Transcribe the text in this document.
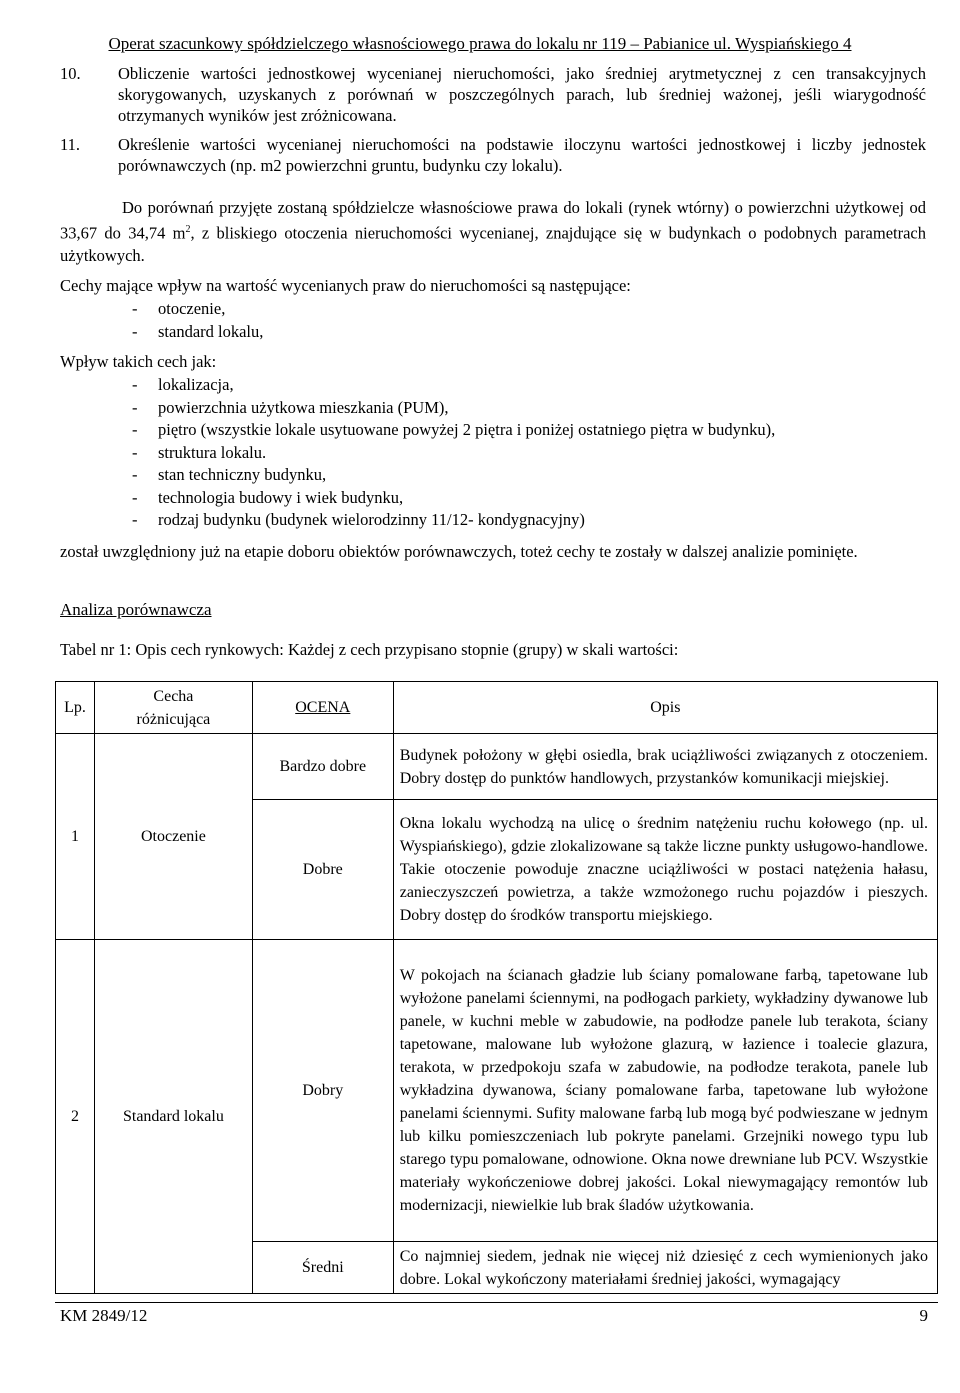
Operat szacunkowy spółdzielczego własnościowego prawa do lokalu nr 119 – Pabianice ul. Wyspiańskiego 4
10. Obliczenie wartości jednostkowej wycenianej nieruchomości, jako średniej arytmetycznej z cen transakcyjnych skorygowanych, uzyskanych z porównań w poszczególnych parach, lub średniej ważonej, jeśli wiarygodność otrzymanych wyników jest zróżnicowana.
11. Określenie wartości wycenianej nieruchomości na podstawie iloczynu wartości jednostkowej i liczby jednostek porównawczych (np. m2 powierzchni gruntu, budynku czy lokalu).
Do porównań przyjęte zostaną spółdzielcze własnościowe prawa do lokali (rynek wtórny) o powierzchni użytkowej od 33,67 do 34,74 $m^2$, z bliskiego otoczenia nieruchomości wycenianej, znajdujące się w budynkach o podobnych parametrach użytkowych.
Cechy mające wpływ na wartość wycenianych praw do nieruchomości są następujące:
- otoczenie,
- standard lokalu,
Wpływ takich cech jak:
- lokalizacja,
- powierzchnia użytkowa mieszkania (PUM),
- piętro (wszystkie lokale usytuowane powyżej 2 piętra i poniżej ostatniego piętra w budynku),
- struktura lokalu.
- stan techniczny budynku,
- technologia budowy i wiek budynku,
- rodzaj budynku (budynek wielorodzinny 11/12- kondygnacyjny)
został uwzględniony już na etapie doboru obiektów porównawczych, toteż cechy te zostały w dalszej analizie pominięte.
Analiza porównawcza
Tabel nr 1: Opis cech rynkowych: Każdej z cech przypisano stopnie (grupy) w skali wartości:
Lp.	Cecha różnicująca	OCENA	Opis
1	Otoczenie	Bardzo dobre	Budynek położony w głębi osiedla, brak uciążliwości związanych z otoczeniem. Dobry dostęp do punktów handlowych, przystanków komunikacji miejskiej.
		Dobre	Okna lokalu wychodzą na ulicę o średnim natężeniu ruchu kołowego (np. ul. Wyspiańskiego), gdzie zlokalizowane są także liczne punkty usługowo-handlowe. Takie otoczenie powoduje znaczne uciążliwości w postaci natężenia hałasu, zanieczyszczeń powietrza, a także wzmożonego ruchu pojazdów i pieszych. Dobry dostęp do środków transportu miejskiego.
2	Standard lokalu	Dobry	W pokojach na ścianach gładzie lub ściany pomalowane farbą, tapetowane lub wyłożone panelami ściennymi, na podłogach parkiety, wykładziny dywanowe lub panele, w kuchni meble w zabudowie, na podłodze panele lub terakota, ściany tapetowane, malowane lub wyłożone glazurą, w łazience i toalecie glazura, terakota, w przedpokoju szafa w zabudowie, na podłodze terakota, panele lub wykładzina dywanowa, ściany pomalowane farba, tapetowane lub wyłożone panelami ściennymi. Sufity malowane farbą lub mogą być podwieszane w jednym lub kilku pomieszczeniach lub pokryte panelami. Grzejniki nowego typu lub starego typu pomalowane, odnowione. Okna nowe drewniane lub PCV. Wszystkie materiały wykończeniowe dobrej jakości. Lokal niewymagający remontów lub modernizacji, niewielkie lub brak śladów użytkowania.
		Średni	Co najmniej siedem, jednak nie więcej niż dziesięć z cech wymienionych jako dobre. Lokal wykończony materiałami średniej jakości, wymagający
KM 2849/12	9
